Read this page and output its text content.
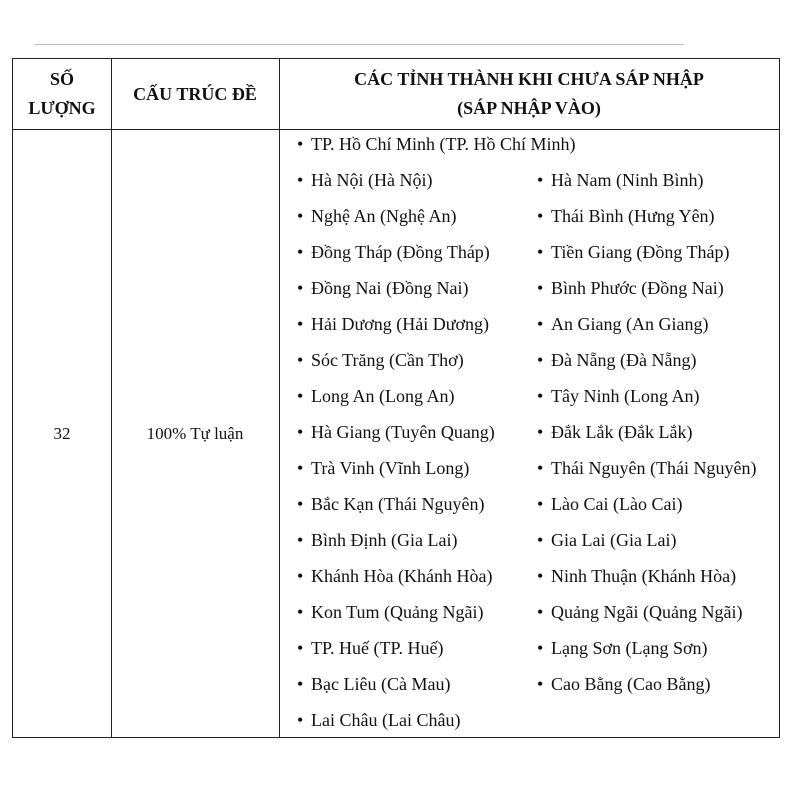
SỐ
LƯỢNG
CẤU TRÚC ĐỀ
CÁC TỈNH THÀNH KHI CHƯA SÁP NHẬP
(SÁP NHẬP VÀO)
32	100% Tự luận
• TP. Hồ Chí Minh (TP. Hồ Chí Minh)
• Hà Nội (Hà Nội)
• Nghệ An (Nghệ An)
• Đồng Tháp (Đồng Tháp)
• Đồng Nai (Đồng Nai)
• Hải Dương (Hải Dương)
• Sóc Trăng (Cần Thơ)
• Long An (Long An)
• Hà Giang (Tuyên Quang)
• Trà Vinh (Vĩnh Long)
• Bắc Kạn (Thái Nguyên)
• Bình Định (Gia Lai)
• Khánh Hòa (Khánh Hòa)
• Kon Tum (Quảng Ngãi)
• TP. Huế (TP. Huế)
• Bạc Liêu (Cà Mau)
• Lai Châu (Lai Châu)
• Hà Nam (Ninh Bình)
• Thái Bình (Hưng Yên)
• Tiền Giang (Đồng Tháp)
• Bình Phước (Đồng Nai)
• An Giang (An Giang)
• Đà Nẵng (Đà Nẵng)
• Tây Ninh (Long An)
• Đắk Lắk (Đắk Lắk)
• Thái Nguyên (Thái Nguyên)
• Lào Cai (Lào Cai)
• Gia Lai (Gia Lai)
• Ninh Thuận (Khánh Hòa)
• Quảng Ngãi (Quảng Ngãi)
• Lạng Sơn (Lạng Sơn)
• Cao Bằng (Cao Bằng)
